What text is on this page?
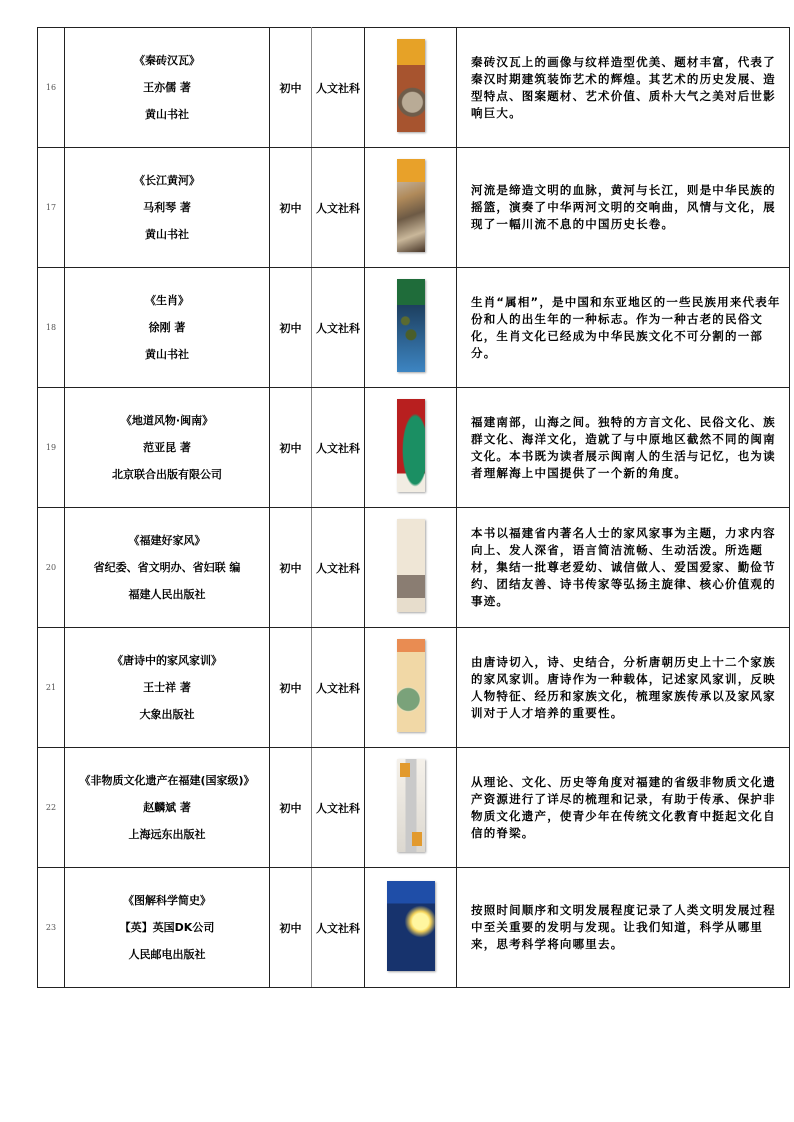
16	《秦砖汉瓦》
王亦儒 著
黄山书社	初中	人文社科		秦砖汉瓦上的画像与纹样造型优美、题材丰富，代表了秦汉时期建筑装饰艺术的辉煌。其艺术的历史发展、造型特点、图案题材、艺术价值、质朴大气之美对后世影响巨大。
17	《长江黄河》
马利琴 著
黄山书社	初中	人文社科		河流是缔造文明的血脉，黄河与长江，则是中华民族的摇篮，演奏了中华两河文明的交响曲，风情与文化，展现了一幅川流不息的中国历史长卷。
18	《生肖》
徐刚 著
黄山书社	初中	人文社科		生肖“属相”，是中国和东亚地区的一些民族用来代表年份和人的出生年的一种标志。作为一种古老的民俗文化，生肖文化已经成为中华民族文化不可分割的一部分。
19	《地道风物·闽南》
范亚昆 著
北京联合出版有限公司	初中	人文社科		福建南部，山海之间。独特的方言文化、民俗文化、族群文化、海洋文化，造就了与中原地区截然不同的闽南文化。本书既为读者展示闽南人的生活与记忆，也为读者理解海上中国提供了一个新的角度。
20	《福建好家风》
省纪委、省文明办、省妇联 编
福建人民出版社	初中	人文社科		本书以福建省内著名人士的家风家事为主题，力求内容向上、发人深省，语言简洁流畅、生动活泼。所选题材，集结一批尊老爱幼、诚信做人、爱国爱家、勤俭节约、团结友善、诗书传家等弘扬主旋律、核心价值观的事迹。
21	《唐诗中的家风家训》
王士祥 著
大象出版社	初中	人文社科		由唐诗切入，诗、史结合，分析唐朝历史上十二个家族的家风家训。唐诗作为一种载体，记述家风家训，反映人物特征、经历和家族文化，梳理家族传承以及家风家训对于人才培养的重要性。
22	《非物质文化遗产在福建(国家级)》
赵麟斌 著
上海远东出版社	初中	人文社科		从理论、文化、历史等角度对福建的省级非物质文化遗产资源进行了详尽的梳理和记录，有助于传承、保护非物质文化遗产，使青少年在传统文化教育中挺起文化自信的脊梁。
23	《图解科学简史》
【英】英国DK公司
人民邮电出版社	初中	人文社科		按照时间顺序和文明发展程度记录了人类文明发展过程中至关重要的发明与发现。让我们知道，科学从哪里来，思考科学将向哪里去。
